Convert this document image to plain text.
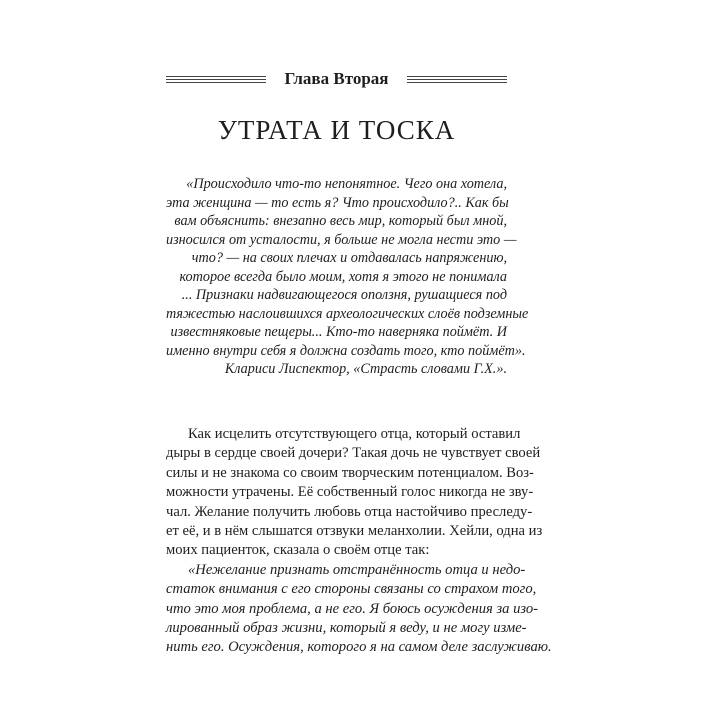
Глава Вторая
УТРАТА И ТОСКА
«Происходило что-то непонятное. Чего она хотела,
эта женщина — то есть я? Что происходило?.. Как бы
вам объяснить: внезапно весь мир, который был мной,
износился от усталости, я больше не могла нести это —
что? — на своих плечах и отдавалась напряжению,
которое всегда было моим, хотя я этого не понимала
... Признаки надвигающегося оползня, рушащиеся под
тяжестью наслоившихся археологических слоёв подземные
известняковые пещеры... Кто-то наверняка поймёт. И
именно внутри себя я должна создать того, кто поймёт».
Клариси Лиспектор, «Страсть словами Г.Х.».
Как исцелить отсутствующего отца, который оставил
дыры в сердце своей дочери? Такая дочь не чувствует своей
силы и не знакома со своим творческим потенциалом. Воз-
можности утрачены. Её собственный голос никогда не зву-
чал. Желание получить любовь отца настойчиво преследу-
ет её, и в нём слышатся отзвуки меланхолии. Хейли, одна из
моих пациенток, сказала о своём отце так:
«Нежелание признать отстранённость отца и недо-
статок внимания с его стороны связаны со страхом того,
что это моя проблема, а не его. Я боюсь осуждения за изо-
лированный образ жизни, который я веду, и не могу изме-
нить его. Осуждения, которого я на самом деле заслуживаю.
